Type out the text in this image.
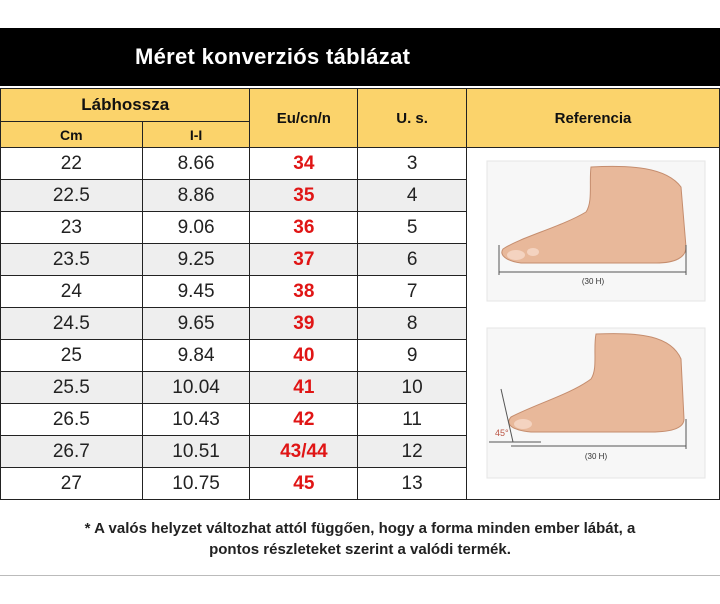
Méret konverziós táblázat
Lábhossza		Eu/cn/n	U. s.	Referencia
Cm	I-I			
22	8.66	34	3	(30 H)
45°
(30 H)

22.5	8.86	35	4	
23	9.06	36	5	
23.5	9.25	37	6	
24	9.45	38	7	
24.5	9.65	39	8	
25	9.84	40	9	
25.5	10.04	41	10	
26.5	10.43	42	11	
26.7	10.51	43/44	12	
27	10.75	45	13	
* A valós helyzet változhat attól függően, hogy a forma minden ember lábát, a pontos részleteket szerint a valódi termék.
